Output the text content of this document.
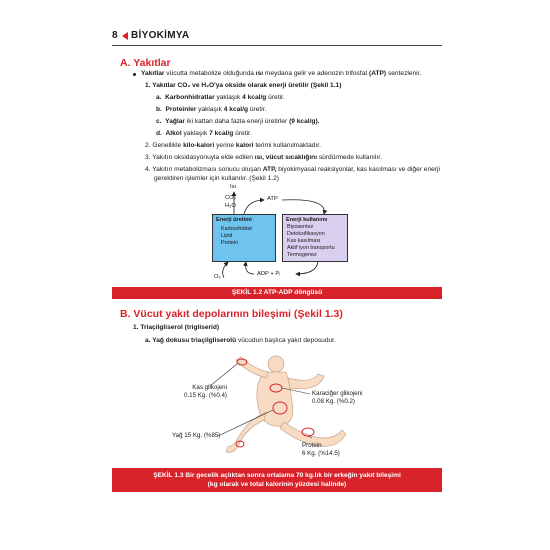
8 BİYOKİMYA
A. Yakıtlar
Yakıtlar vücutta metabolize olduğunda ısı meydana gelir ve adenozin trifosfat (ATP) sentezlenir.
1. Yakıtlar CO₂ ve H₂O'ya okside olarak enerji üretilir (Şekil 1.1)
a.  Karbonhidratlar yaklaşık 4 kcal/g üretir.
b.  Proteinler yaklaşık 4 kcal/g üretir.
c.  Yağlar iki kattan daha fazla enerji üretirler (9 kcal/g).
d.  Alkol yaklaşık 7 kcal/g üretir.
2. Genellikle kilo-kalori yerine kalori terimi kullanılmaktadır.
3. Yakıtın oksidasyonuyla elde edilen ısı, vücut sıcaklığını sürdürmede kullanılır.
4. Yakıtın metabolizması sonucu oluşan ATP, biyokimyasal reaksiyonlar, kas kasılması ve diğer enerji
gerektiren işlemler için kullanılır. (Şekil 1.2)
Isı
CO₂
H₂O
ATP
O₂	ADP + Pᵢ
Enerji üretimi
Karbonhidrat
Lipid
Protein
Enerji kullanımı
Biyosentez
Detoksifikasyon
Kas kasılması
Aktif iyon transportu
Termogenez
ŞEKİL 1.2 ATP-ADP döngüsü
B. Vücut yakıt depolarının bileşimi (Şekil 1.3)
1. Triaçilgliserol (trigliserid)
a. Yağ dokusu triaçilgliserolü vücudun başlıca yakıt deposudur.
Kas glikojeni
0.15 Kg. (%0.4)	Karaciğer glikojeni
0.08 Kg. (%0.2)
Yağ 15 Kg. (%85)
Protein
6 Kg. (%14.5)
ŞEKİL 1.3 Bir gecelik açlıktan sonra ortalama 70 kg.lık bir erkeğin yakıt bileşimi
(kg olarak ve total kalorinin yüzdesi halinde)
